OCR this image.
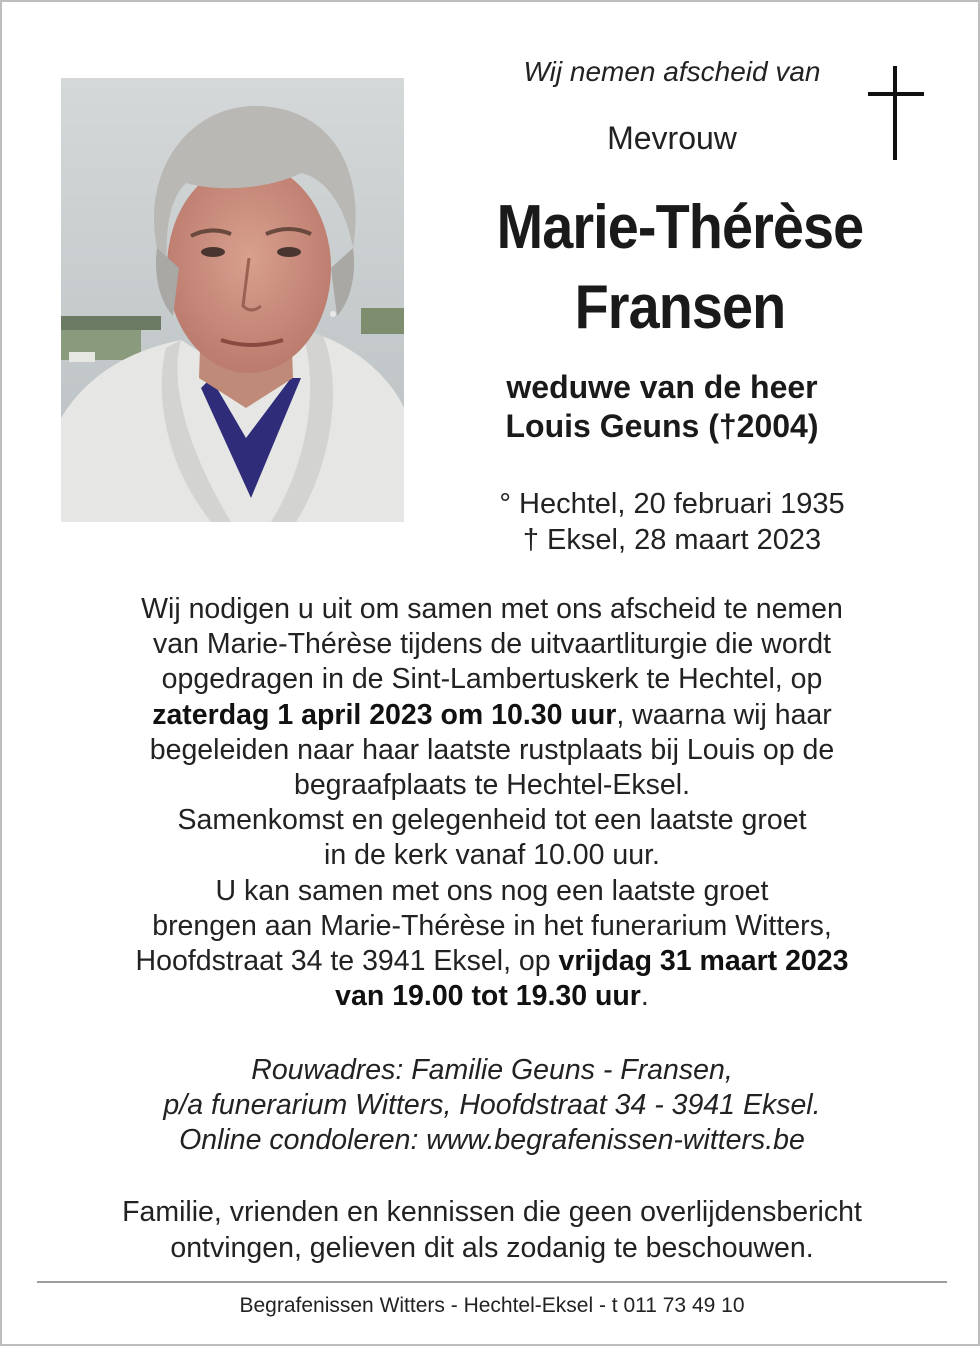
Wij nemen afscheid van
Mevrouw
Marie-Thérèse
Fransen
weduwe van de heer
Louis Geuns (†2004)
° Hechtel, 20 februari 1935
† Eksel, 28 maart 2023
Wij nodigen u uit om samen met ons afscheid te nemen
van Marie-Thérèse tijdens de uitvaartliturgie die wordt
opgedragen in de Sint-Lambertuskerk te Hechtel, op
zaterdag 1 april 2023 om 10.30 uur, waarna wij haar
begeleiden naar haar laatste rustplaats bij Louis op de
begraafplaats te Hechtel-Eksel.
Samenkomst en gelegenheid tot een laatste groet
in de kerk vanaf 10.00 uur.
U kan samen met ons nog een laatste groet
brengen aan Marie-Thérèse in het funerarium Witters,
Hoofdstraat 34 te 3941 Eksel, op vrijdag 31 maart 2023
van 19.00 tot 19.30 uur.
Rouwadres: Familie Geuns - Fransen,
p/a funerarium Witters, Hoofdstraat 34 - 3941 Eksel.
Online condoleren: www.begrafenissen-witters.be
Familie, vrienden en kennissen die geen overlijdensbericht
ontvingen, gelieven dit als zodanig te beschouwen.
Begrafenissen Witters - Hechtel-Eksel - t 011 73 49 10
